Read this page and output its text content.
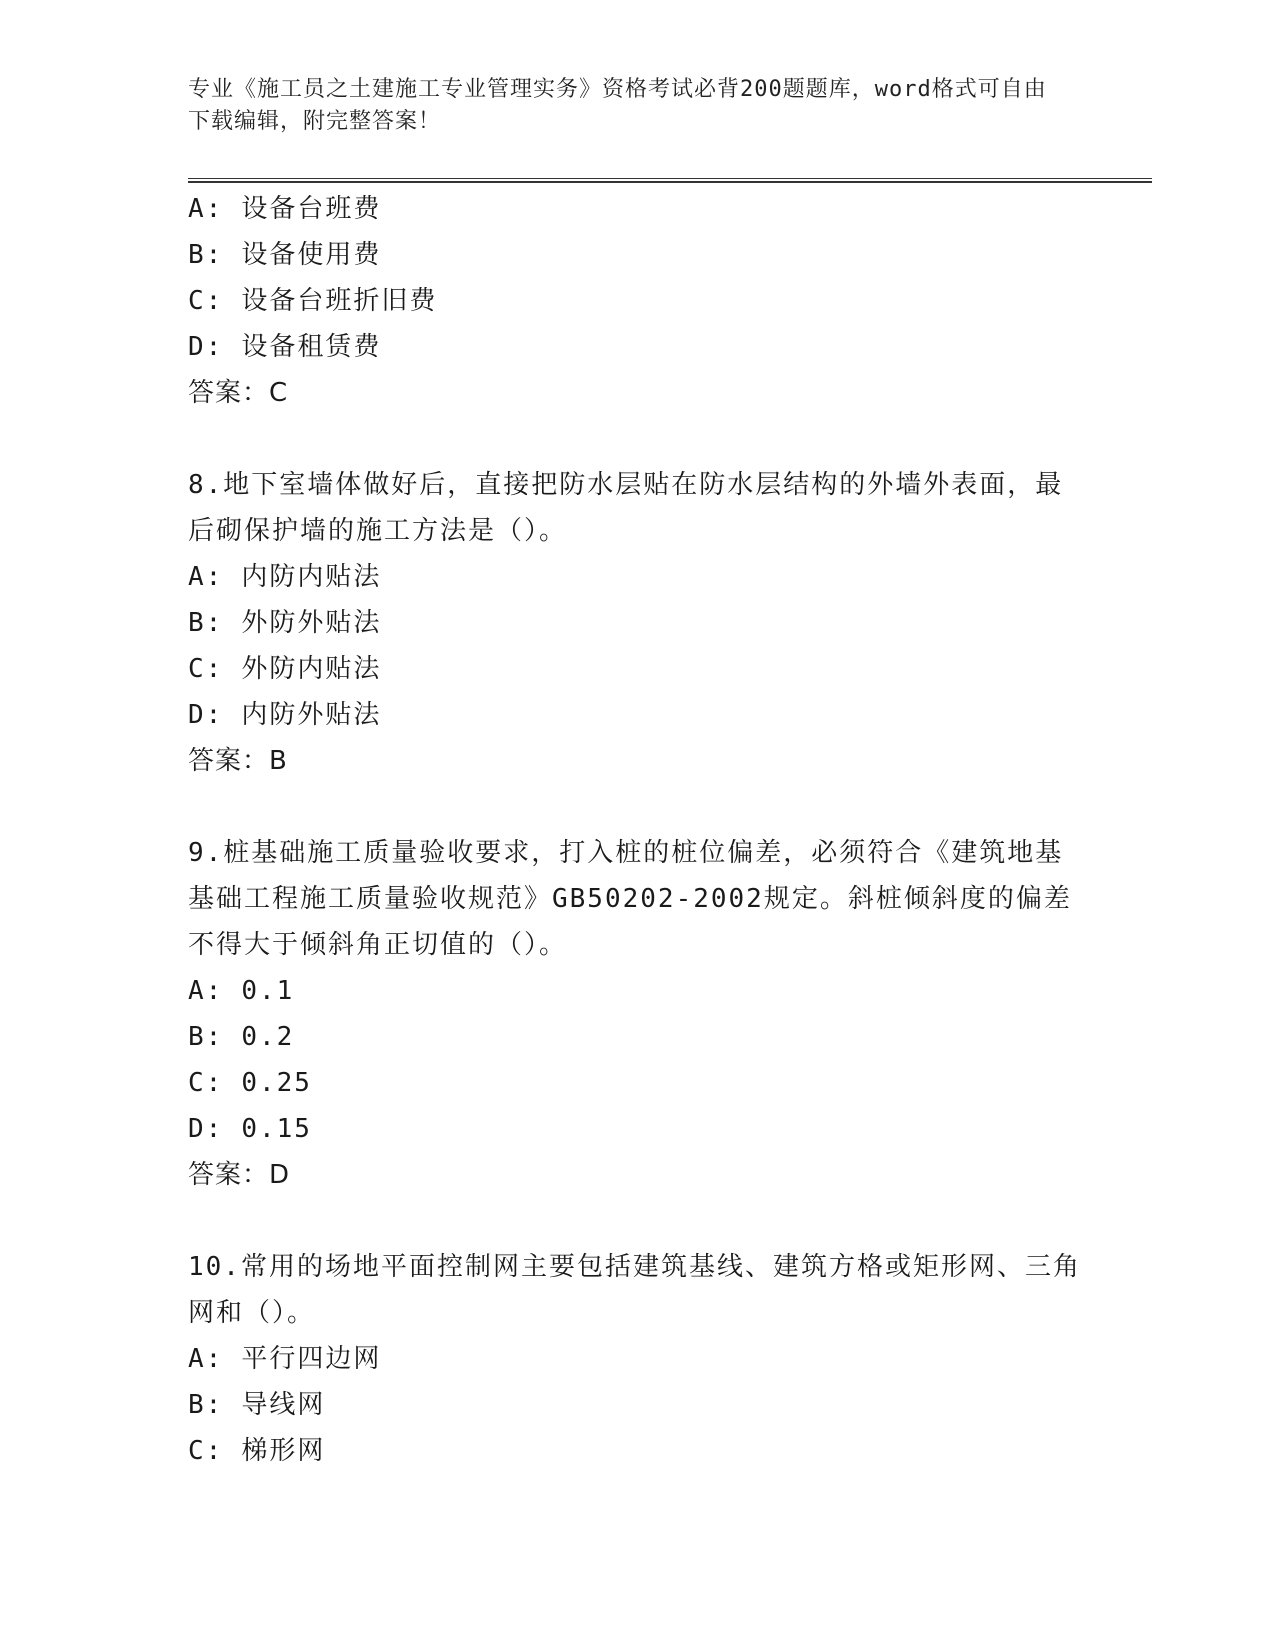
专业《施工员之土建施工专业管理实务》资格考试必背200题题库，word格式可自由下载编辑，附完整答案！
A: 设备台班费
B: 设备使用费
C: 设备台班折旧费
D: 设备租赁费
答案：C
8.地下室墙体做好后，直接把防水层贴在防水层结构的外墙外表面，最后砌保护墙的施工方法是（）。
A: 内防内贴法
B: 外防外贴法
C: 外防内贴法
D: 内防外贴法
答案：B
9.桩基础施工质量验收要求，打入桩的桩位偏差，必须符合《建筑地基基础工程施工质量验收规范》GB50202-2002规定。斜桩倾斜度的偏差不得大于倾斜角正切值的（）。
A: 0.1
B: 0.2
C: 0.25
D: 0.15
答案：D
10.常用的场地平面控制网主要包括建筑基线、建筑方格或矩形网、三角网和（）。
A: 平行四边网
B: 导线网
C: 梯形网
